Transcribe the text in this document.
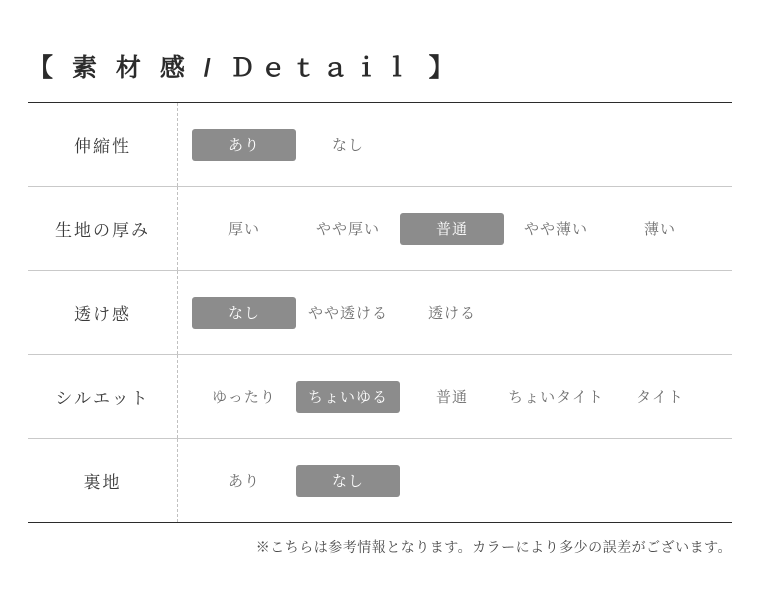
【 素 材 感 / Ｄｅｔａｉｌ 】
伸縮性	あり	なし
生地の厚み	厚い	やや厚い	普通	やや薄い	薄い
透け感	なし	やや透ける	透ける
シルエット	ゆったり	ちょいゆる	普通	ちょいタイト	タイト
裏地	あり	なし
※こちらは参考情報となります。カラーにより多少の誤差がございます。
